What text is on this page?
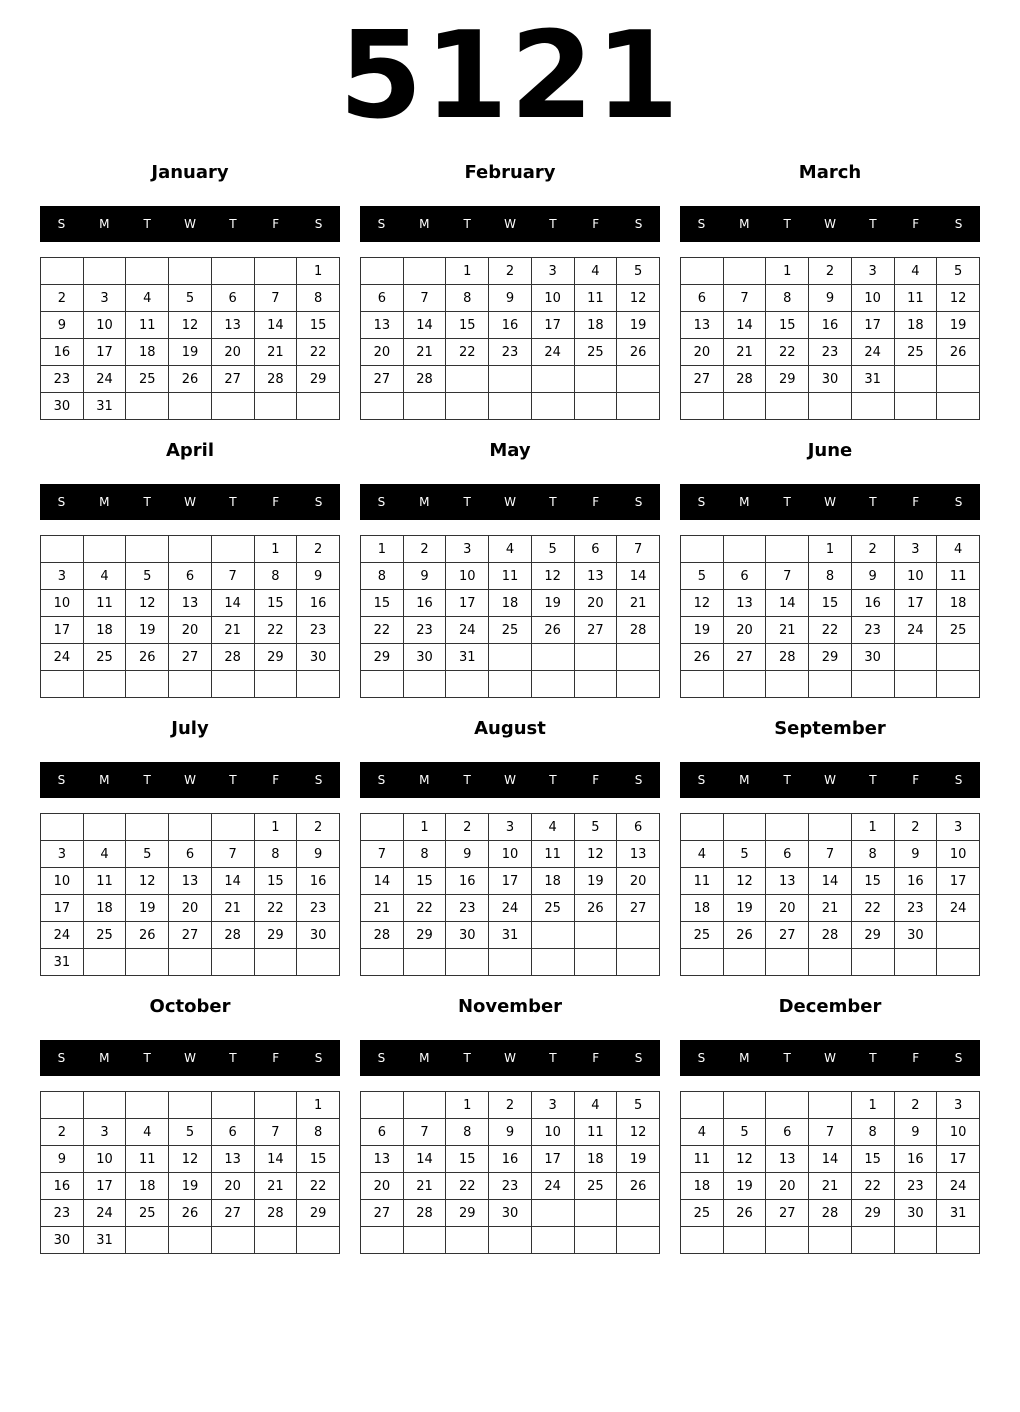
5121
January
S	M	T	W	T	F	S
						1
2	3	4	5	6	7	8
9	10	11	12	13	14	15
16	17	18	19	20	21	22
23	24	25	26	27	28	29
30	31					
February
S	M	T	W	T	F	S
		1	2	3	4	5
6	7	8	9	10	11	12
13	14	15	16	17	18	19
20	21	22	23	24	25	26
27	28					

March
S	M	T	W	T	F	S
		1	2	3	4	5
6	7	8	9	10	11	12
13	14	15	16	17	18	19
20	21	22	23	24	25	26
27	28	29	30	31		

April
S	M	T	W	T	F	S
					1	2
3	4	5	6	7	8	9
10	11	12	13	14	15	16
17	18	19	20	21	22	23
24	25	26	27	28	29	30

May
S	M	T	W	T	F	S
1	2	3	4	5	6	7
8	9	10	11	12	13	14
15	16	17	18	19	20	21
22	23	24	25	26	27	28
29	30	31				

June
S	M	T	W	T	F	S
			1	2	3	4
5	6	7	8	9	10	11
12	13	14	15	16	17	18
19	20	21	22	23	24	25
26	27	28	29	30		

July
S	M	T	W	T	F	S
					1	2
3	4	5	6	7	8	9
10	11	12	13	14	15	16
17	18	19	20	21	22	23
24	25	26	27	28	29	30
31						
August
S	M	T	W	T	F	S
	1	2	3	4	5	6
7	8	9	10	11	12	13
14	15	16	17	18	19	20
21	22	23	24	25	26	27
28	29	30	31			

September
S	M	T	W	T	F	S
				1	2	3
4	5	6	7	8	9	10
11	12	13	14	15	16	17
18	19	20	21	22	23	24
25	26	27	28	29	30	

October
S	M	T	W	T	F	S
						1
2	3	4	5	6	7	8
9	10	11	12	13	14	15
16	17	18	19	20	21	22
23	24	25	26	27	28	29
30	31					
November
S	M	T	W	T	F	S
		1	2	3	4	5
6	7	8	9	10	11	12
13	14	15	16	17	18	19
20	21	22	23	24	25	26
27	28	29	30			

December
S	M	T	W	T	F	S
				1	2	3
4	5	6	7	8	9	10
11	12	13	14	15	16	17
18	19	20	21	22	23	24
25	26	27	28	29	30	31
